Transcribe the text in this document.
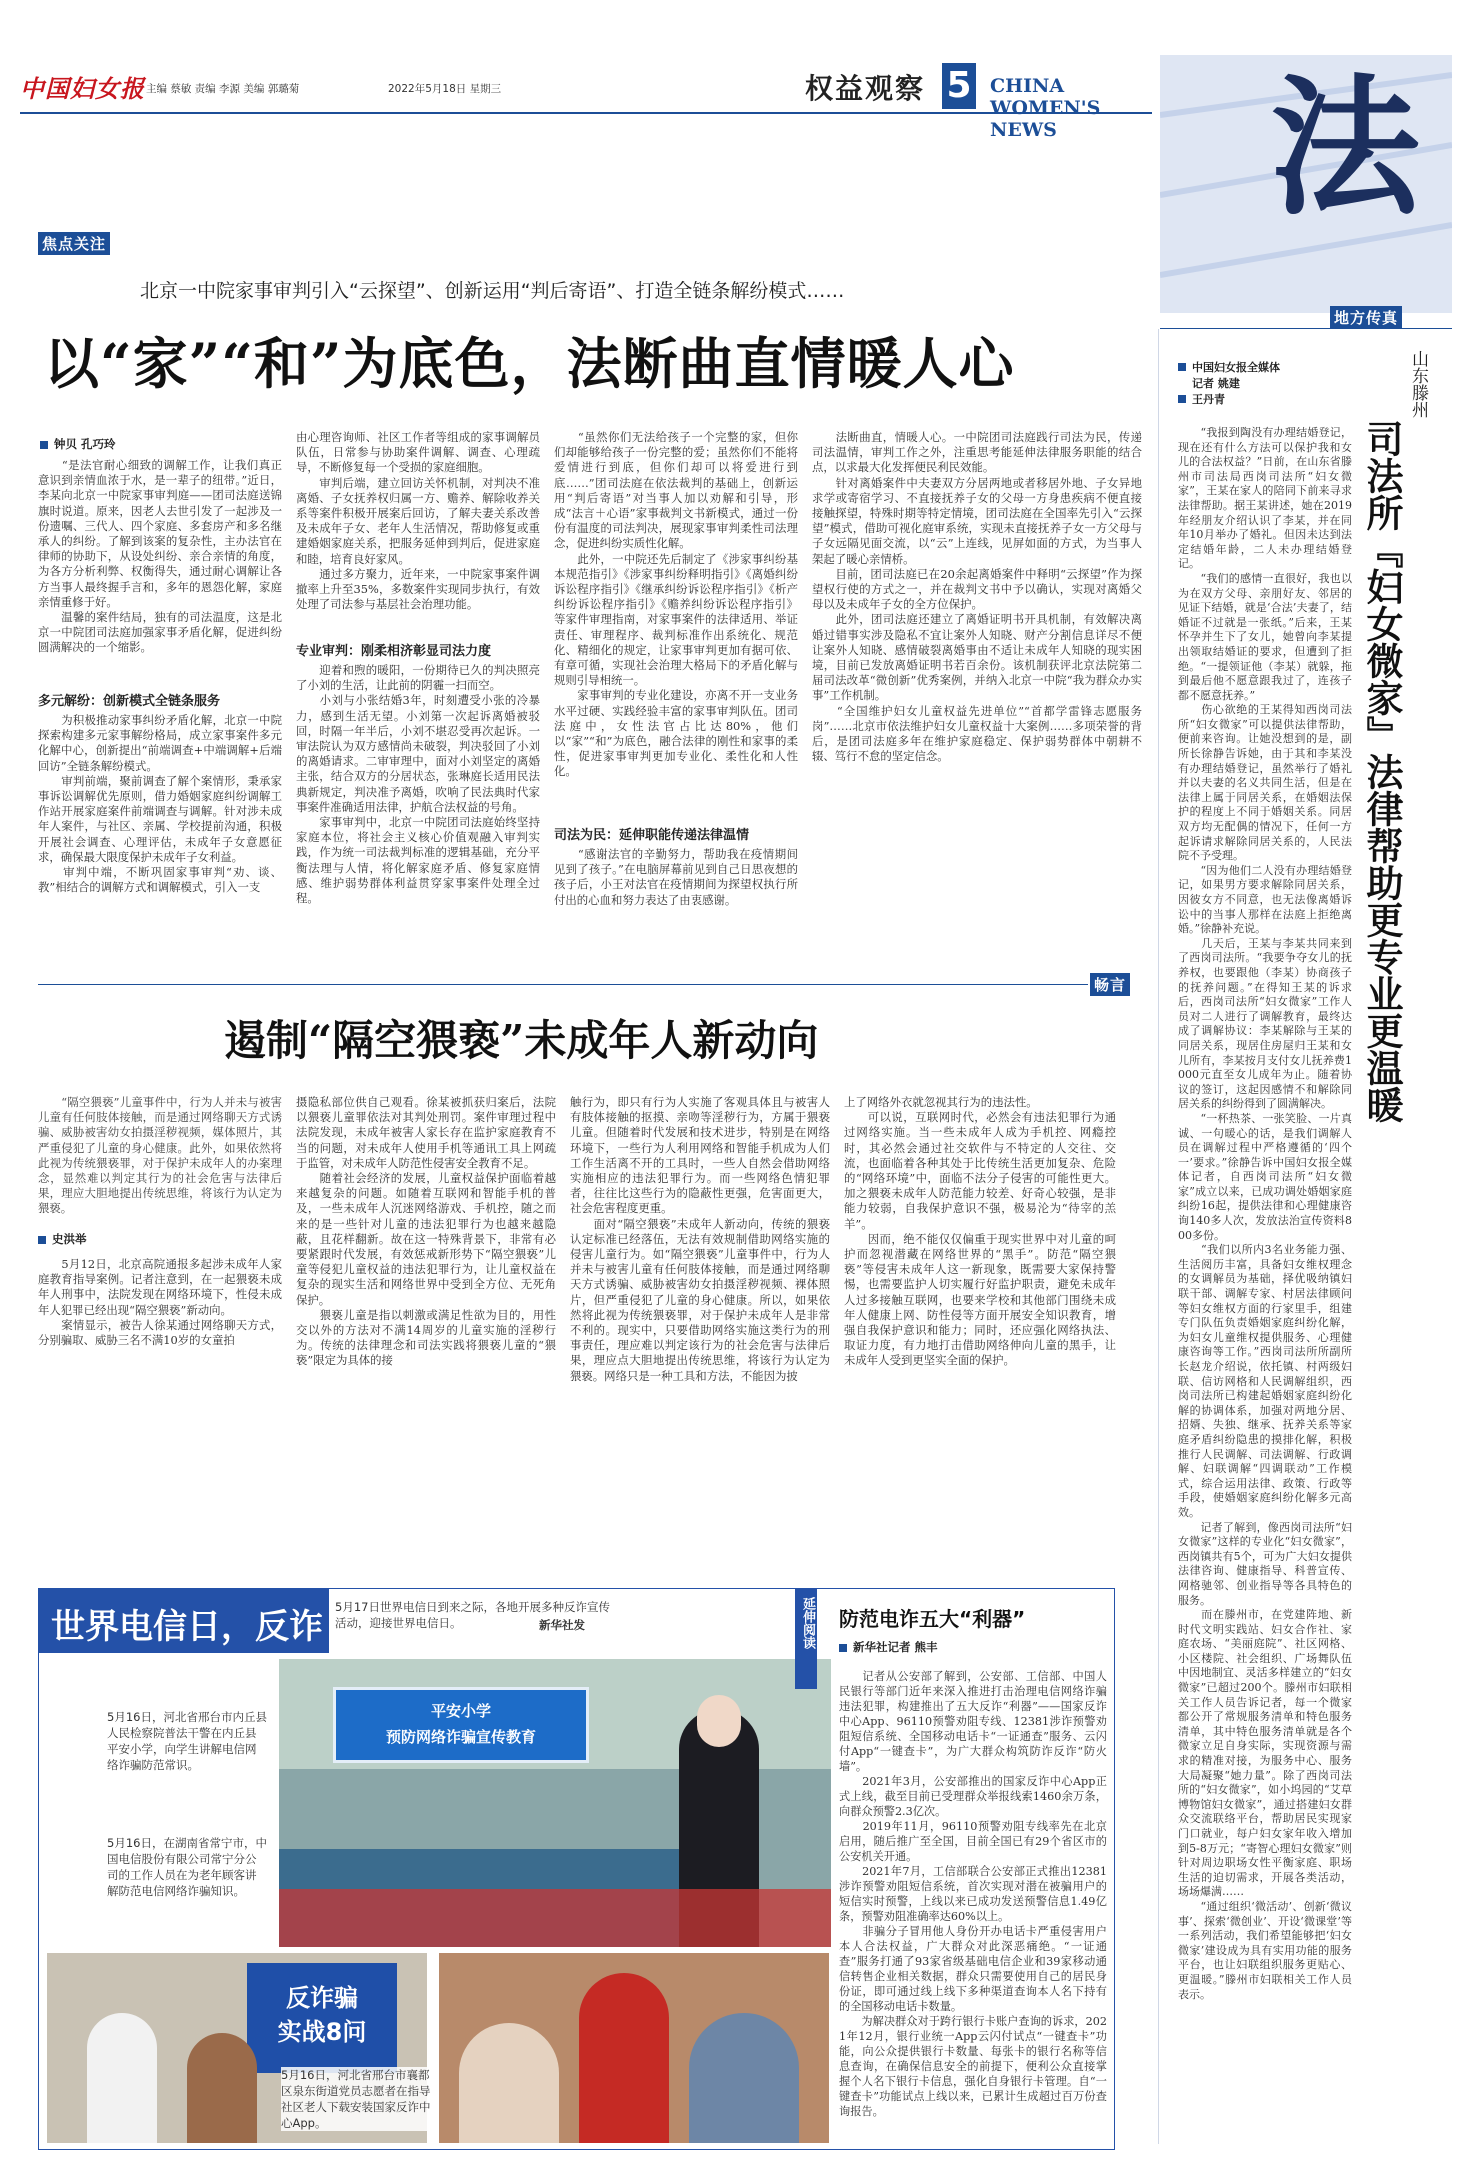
中国妇女报 主编 蔡敏 责编 李源 美编 郭璐菊	2022年5月18日 星期三	权益观察 5 CHINA WOMEN'S NEWS	法
焦点关注
北京一中院家事审判引入“云探望”、创新运用“判后寄语”、打造全链条解纷模式……
以“家”“和”为底色，法断曲直情暖人心
钟贝 孔巧玲

　　“是法官耐心细致的调解工作，让我们真正意识到亲情血浓于水，是一辈子的纽带。”近日，李某向北京一中院家事审判庭——团司法庭送锦旗时说道。原来，因老人去世引发了一起涉及一份遗嘱、三代人、四个家庭、多套房产和多名继承人的纠纷。了解到该案的复杂性，主办法官在律师的协助下，从设处纠纷、亲合亲情的角度，为各方分析利弊、权衡得失，通过耐心调解让各方当事人最终握手言和，多年的恩怨化解，家庭亲情重修于好。
　　温馨的案件结局，独有的司法温度，这是北京一中院团司法庭加强家事矛盾化解，促进纠纷圆满解决的一个缩影。

多元解纷：创新模式全链条服务

　　为积极推动家事纠纷矛盾化解，北京一中院探索构建多元家事解纷格局，成立家事案件多元化解中心，创新提出“前端调查+中端调解+后端回访”全链条解纷模式。
　　审判前端，聚前调查了解个案情形，秉承家事诉讼调解优先原则，借力婚姻家庭纠纷调解工作站开展家庭案件前端调查与调解。针对涉未成年人案件，与社区、亲属、学校提前沟通，积极开展社会调查、心理评估，未成年子女意愿征求，确保最大限度保护未成年子女利益。
　　审判中端，不断巩固家事审判“劝、谈、教”相结合的调解方式和调解模式，引入一支

由心理咨询师、社区工作者等组成的家事调解员队伍，日常参与协助案件调解、调查、心理疏导，不断修复每一个受损的家庭细胞。
　　审判后端，建立回访关怀机制，对判决不准离婚、子女抚养权归属一方、赡养、解除收养关系等案件积极开展案后回访，了解夫妻关系改善及未成年子女、老年人生活情况，帮助修复或重建婚姻家庭关系，把服务延伸到判后，促进家庭和睦，培育良好家风。
　　通过多方聚力，近年来，一中院家事案件调撤率上升至35%，多数案件实现同步执行，有效处理了司法参与基层社会治理功能。

专业审判：刚柔相济彰显司法力度

　　迎着和煦的暖阳，一份期待已久的判决照亮了小刘的生活，让此前的阴霾一扫而空。
　　小刘与小张结婚3年，时刻遭受小张的冷暴力，感到生活无望。小刘第一次起诉离婚被驳回，时隔一年半后，小刘不堪忍受再次起诉。一审法院认为双方感情尚未破裂，判决驳回了小刘的离婚请求。二审审理中，面对小刘坚定的离婚主张，结合双方的分居状态，张琳庭长适用民法典新规定，判决准予离婚，吹响了民法典时代家事案件准确适用法律，护航合法权益的号角。
　　家事审判中，北京一中院团司法庭始终坚持家庭本位，将社会主义核心价值观融入审判实践，作为统一司法裁判标准的逻辑基础，充分平衡法理与人情，将化解家庭矛盾、修复家庭情感、维护弱势群体利益贯穿家事案件处理全过程。

　　“虽然你们无法给孩子一个完整的家，但你们却能够给孩子一份完整的爱；虽然你们不能将爱情进行到底，但你们却可以将爱进行到底……”团司法庭在依法裁判的基础上，创新运用“判后寄语”对当事人加以劝解和引导，形成“法言＋心语”家事裁判文书新模式，通过一份份有温度的司法判决，展现家事审判柔性司法理念，促进纠纷实质性化解。
　　此外，一中院还先后制定了《涉家事纠纷基本规范指引》《涉家事纠纷释明指引》《离婚纠纷诉讼程序指引》《继承纠纷诉讼程序指引》《析产纠纷诉讼程序指引》《赡养纠纷诉讼程序指引》等家件审理指南，对家事案件的法律适用、举证责任、审理程序、裁判标准作出系统化、规范化、精细化的规定，让家事审判更加有据可依、有章可循，实现社会治理大格局下的矛盾化解与规则引导相统一。
　　家事审判的专业化建设，亦离不开一支业务水平过硬、实践经验丰富的家事审判队伍。团司法庭中，女性法官占比达80%，他们以“家”“和”为底色，融合法律的刚性和家事的柔性，促进家事审判更加专业化、柔性化和人性化。

司法为民：延伸职能传递法律温情

　　“感谢法官的辛勤努力，帮助我在疫情期间见到了孩子。”在电脑屏幕前见到自己日思夜想的孩子后，小王对法官在疫情期间为探望权执行所付出的心血和努力表达了由衷感谢。

　　法断曲直，情暖人心。一中院团司法庭践行司法为民，传递司法温情，审判工作之外，注重思考能延伸法律服务职能的结合点，以求最大化发挥便民利民效能。
　　针对离婚案件中夫妻双方分居两地或者移居外地、子女异地求学或寄宿学习、不直接抚养子女的父母一方身患疾病不便直接接触探望，特殊时期等特定情境，团司法庭在全国率先引入“云探望”模式，借助可视化庭审系统，实现未直接抚养子女一方父母与子女远隔见面交流，以“云”上连线，见屏如面的方式，为当事人架起了暖心亲情桥。
　　目前，团司法庭已在20余起离婚案件中释明“云探望”作为探望权行使的方式之一，并在裁判文书中予以确认，实现对离婚父母以及未成年子女的全方位保护。
　　此外，团司法庭还建立了离婚证明书开具机制，有效解决离婚过错事实涉及隐私不宜让案外人知晓、财产分割信息详尽不便让案外人知晓、感情破裂离婚事由不适让未成年人知晓的现实困境，目前已发放离婚证明书若百余份。该机制获评北京法院第二届司法改革“微创新”优秀案例，并纳入北京一中院“我为群众办实事”工作机制。
　　“全国维护妇女儿童权益先进单位”“首都学雷锋志愿服务岗”……北京市依法维护妇女儿童权益十大案例……多项荣誉的背后，是团司法庭多年在维护家庭稳定、保护弱势群体中朝耕不辍、笃行不怠的坚定信念。

畅言
遏制“隔空猥亵”未成年人新动向

　　“隔空猥亵”儿童事件中，行为人并未与被害儿童有任何肢体接触，而是通过网络聊天方式诱骗、威胁被害幼女拍摄淫秽视频，媒体照片，其严重侵犯了儿童的身心健康。此外，如果依然将此视为传统猥亵罪，对于保护未成年人的办案理念，显然难以判定其行为的社会危害与法律后果，理应大胆地提出传统思维，将该行为认定为猥亵。

史洪举

　　5月12日，北京高院通报多起涉未成年人家庭教育指导案例。记者注意到，在一起猥亵未成年人刑事中，法院发现在网络环境下，性侵未成年人犯罪已经出现“隔空猥亵”新动向。
　　案情显示，被告人徐某通过网络聊天方式，分别骗取、威胁三名不满10岁的女童拍

摄隐私部位供自己观看。徐某被抓获归案后，法院以猥亵儿童罪依法对其判处刑罚。案件审理过程中法院发现，未成年被害人家长存在监护家庭教育不当的问题，对未成年人使用手机等通讯工具上网疏于监管，对未成年人防范性侵害安全教育不足。
　　随着社会经济的发展，儿童权益保护面临着越来越复杂的问题。如随着互联网和智能手机的普及，一些未成年人沉迷网络游戏、手机控，随之而来的是一些针对儿童的违法犯罪行为也越来越隐蔽，且花样翻新。故在这一特殊背景下，非常有必要紧跟时代发展，有效惩戒新形势下“隔空猥亵”儿童等侵犯儿童权益的违法犯罪行为，让儿童权益在复杂的现实生活和网络世界中受到全方位、无死角保护。
　　猥亵儿童是指以刺激或满足性欲为目的，用性交以外的方法对不满14周岁的儿童实施的淫秽行为。传统的法律理念和司法实践将猥亵儿童的“猥亵”限定为具体的接

触行为，即只有行为人实施了客观具体且与被害人有肢体接触的抠摸、亲吻等淫秽行为，方属于猥亵儿童。但随着时代发展和技术进步，特别是在网络环境下，一些行为人利用网络和智能手机成为人们工作生活离不开的工具时，一些人自然会借助网络实施相应的违法犯罪行为。而一些网络色情犯罪者，往往比这些行为的隐蔽性更强，危害面更大，社会危害程度更重。
　　面对“隔空猥亵”未成年人新动向，传统的猥亵认定标准已经落伍，无法有效规制借助网络实施的侵害儿童行为。如“隔空猥亵”儿童事件中，行为人并未与被害儿童有任何肢体接触，而是通过网络聊天方式诱骗、威胁被害幼女拍摄淫秽视频、裸体照片，但严重侵犯了儿童的身心健康。所以，如果依然将此视为传统猥亵罪，对于保护未成年人是非常不利的。现实中，只要借助网络实施这类行为的刑事责任，理应难以判定该行为的社会危害与法律后果，理应点大胆地提出传统思维，将该行为认定为猥亵。网络只是一种工具和方法，不能因为披

上了网络外衣就忽视其行为的违法性。
　　可以说，互联网时代，必然会有违法犯罪行为通过网络实施。当一些未成年人成为手机控、网瘾控时，其必然会通过社交软件与不特定的人交往、交流，也面临着各种其处于比传统生活更加复杂、危险的“网络环境”中，面临不法分子侵害的可能性更大。加之猥亵未成年人防范能力较差、好奇心较强，是非能力较弱，自我保护意识不强，极易沦为“待宰的羔羊”。
　　因而，绝不能仅仅偏重于现实世界中对儿童的呵护而忽视潜藏在网络世界的“黑手”。防范“隔空猥亵”等侵害未成年人这一新现象，既需要大家保持警惕，也需要监护人切实履行好监护职责，避免未成年人过多接触互联网，也要来学校和其他部门围绕未成年人健康上网、防性侵等方面开展安全知识教育，增强自我保护意识和能力；同时，还应强化网络执法、取证力度，有力地打击借助网络伸向儿童的黑手，让未成年人受到更坚实全面的保护。

世界电信日，反诈 5月17日世界电信日到来之际，各地开展多种反诈宣传活动，迎接世界电信日。	新华社发
平安小学
预防网络诈骗宣传教育
5月16日，河北省邢台市内丘县人民检察院普法干警在内丘县平安小学，向学生讲解电信网络诈骗防范常识。
5月16日，在湖南省常宁市，中国电信股份有限公司常宁分公司的工作人员在为老年顾客讲解防范电信网络诈骗知识。
反诈骗
实战8问
5月16日，河北省邢台市襄都区泉东街道党员志愿者在指导社区老人下载安装国家反诈中心App。
延伸阅读 防范电诈五大“利器”
新华社记者 熊丰

　　记者从公安部了解到，公安部、工信部、中国人民银行等部门近年来深入推进打击治理电信网络诈骗违法犯罪，构建推出了五大反诈“利器”——国家反诈中心App、96110预警劝阻专线、12381涉诈预警劝阻短信系统、全国移动电话卡“一证通查”服务、云闪付App“一键查卡”，为广大群众构筑防诈反诈“防火墙”。
　　2021年3月，公安部推出的国家反诈中心App正式上线，截至目前已受理群众举报线索1460余万条，向群众预警2.3亿次。
　　2019年11月，96110预警劝阻专线率先在北京启用，随后推广至全国，目前全国已有29个省区市的公安机关开通。
　　2021年7月，工信部联合公安部正式推出12381涉诈预警劝阻短信系统，首次实现对潜在被骗用户的短信实时预警，上线以来已成功发送预警信息1.49亿条，预警劝阻准确率达60%以上。
　　非骗分子冒用他人身份开办电话卡严重侵害用户本人合法权益，广大群众对此深恶痛绝。“一证通查”服务打通了93家省级基础电信企业和39家移动通信转售企业相关数据，群众只需要使用自己的居民身份证，即可通过线上线下多种渠道查询本人名下持有的全国移动电话卡数量。
　　为解决群众对于跨行银行卡账户查询的诉求，2021年12月，银行业统一App云闪付试点“一键查卡”功能，向公众提供银行卡数量、每张卡的银行名称等信息查询，在确保信息安全的前提下，便利公众直接掌握个人名下银行卡信息，强化自身银行卡管理。自“一键查卡”功能试点上线以来，已累计生成超过百万份查询报告。

地方传真
中国妇女报全媒体
记者 姚建
王丹青	山东滕州
司法所『妇女微家』法律帮助更专业更温暖

　　“我报到陶没有办理结婚登记，现在还有什么方法可以保护我和女儿的合法权益？”日前，在山东省滕州市司法局西岗司法所“妇女微家”，王某在家人的陪同下前来寻求法律帮助。据王某讲述，她在2019年经朋友介绍认识了李某，并在同年10月举办了婚礼。但因未达到法定结婚年龄，二人未办理结婚登记。
　　“我们的感情一直很好，我也以为在双方父母、亲朋好友、邻居的见证下结婚，就是‘合法’夫妻了，结婚证不过就是一张纸。”后来，王某怀孕并生下了女儿，她曾向李某提出领取结婚证的要求，但遭到了拒绝。“一提领证他（李某）就躲，拖到最后他不愿意跟我过了，连孩子都不愿意抚养。”
　　伤心欲绝的王某得知西岗司法所“妇女微家”可以提供法律帮助，便前来咨询。让她没想到的是，副所长徐静告诉她，由于其和李某没有办理结婚登记，虽然举行了婚礼并以夫妻的名义共同生活，但是在法律上属于同居关系，在婚姻法保护的程度上不同于婚姻关系。同居双方均无配偶的情况下，任何一方起诉请求解除同居关系的，人民法院不予受理。
　　“因为他们二人没有办理结婚登记，如果男方要求解除同居关系，因彼女方不同意，也无法像离婚诉讼中的当事人那样在法庭上拒绝离婚。”徐静补充说。
　　几天后，王某与李某共同来到了西岗司法所。“我要争夺女儿的抚养权，也要跟他（李某）协商孩子的抚养问题。”在得知王某的诉求后，西岗司法所“妇女微家”工作人员对二人进行了调解教育，最终达成了调解协议：李某解除与王某的同居关系，现居住房屋归王某和女儿所有，李某按月支付女儿抚养费1000元直至女儿成年为止。随着协议的签订，这起因感情不和解除同居关系的纠纷得到了圆满解决。
　　“一杯热茶、一张笑脸、一片真诚、一句暖心的话，是我们调解人员在调解过程中严格遵循的‘四个一’要求。”徐静告诉中国妇女报全媒体记者，自西岗司法所“妇女微家”成立以来，已成功调处婚姻家庭纠纷16起，提供法律和心理健康咨询140多人次，发放法治宣传资料800多份。
　　“我们以所内3名业务能力强、生活阅历丰富，具备妇女维权理念的女调解员为基础，择优吸纳镇妇联干部、调解专家、村居法律顾问等妇女维权方面的行家里手，组建专门队伍负责婚姻家庭纠纷化解，为妇女儿童维权提供服务、心理健康咨询等工作。”西岗司法所所副所长赵龙介绍说，依托镇、村两级妇联、信访网格和人民调解组织，西岗司法所已构建起婚姻家庭纠纷化解的协调体系，加强对两地分居、招婿、失独、继承、抚养关系等家庭矛盾纠纷隐患的摸排化解，积极推行人民调解、司法调解、行政调解、妇联调解“四调联动”工作模式，综合运用法律、政策、行政等手段，使婚姻家庭纠纷化解多元高效。
　　记者了解到，像西岗司法所“妇女微家”这样的专业化“妇女微家”，西岗镇共有5个，可为广大妇女提供法律咨询、健康指导、科普宣传、网格驰邻、创业指导等各具特色的服务。
　　而在滕州市，在党建阵地、新时代文明实践站、妇女合作社、家庭农场、“美丽庭院”、社区网格、小区楼院、社会组织、广场舞队伍中因地制宜、灵活多样建立的“妇女微家”已超过200个。滕州市妇联相关工作人员告诉记者，每一个微家都公开了常规服务清单和特色服务清单，其中特色服务清单就是各个微家立足自身实际，实现资源与需求的精准对接，为服务中心、服务大局凝聚“她力量”。除了西岗司法所的“妇女微家”，如小坞园的“艾草博物馆妇女微家”，通过搭建妇女群众交流联络平台，帮助居民实现家门口就业，每户妇女家年收入增加到5-8万元；“寄智心理妇女微家”则针对周边职场女性平衡家庭、职场生活的迫切需求，开展各类活动，场场爆满……
　　“通过组织‘微活动’、创新‘微议事’、探索‘微创业’、开设‘微课堂’等一系列活动，我们希望能够把‘妇女微家’建设成为具有实用功能的服务平台，也让妇联组织服务更贴心、更温暖。”滕州市妇联相关工作人员表示。
